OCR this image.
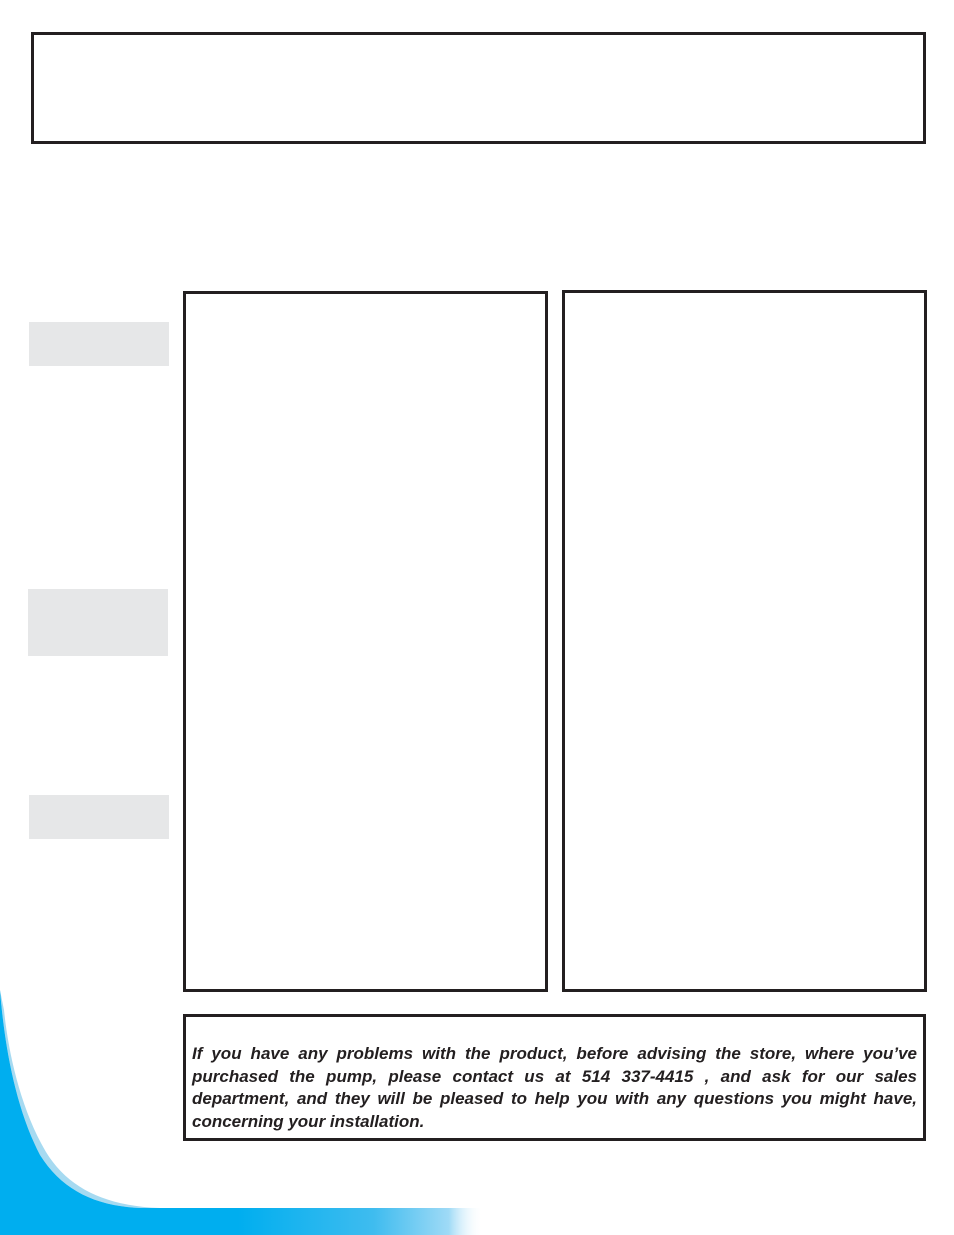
If you have any problems with the product, before advising the store, where you’ve purchased the pump, please contact us at 514 337-4415 , and ask for our sales department, and they will be pleased to help you with any questions you might have, concerning your installation.
